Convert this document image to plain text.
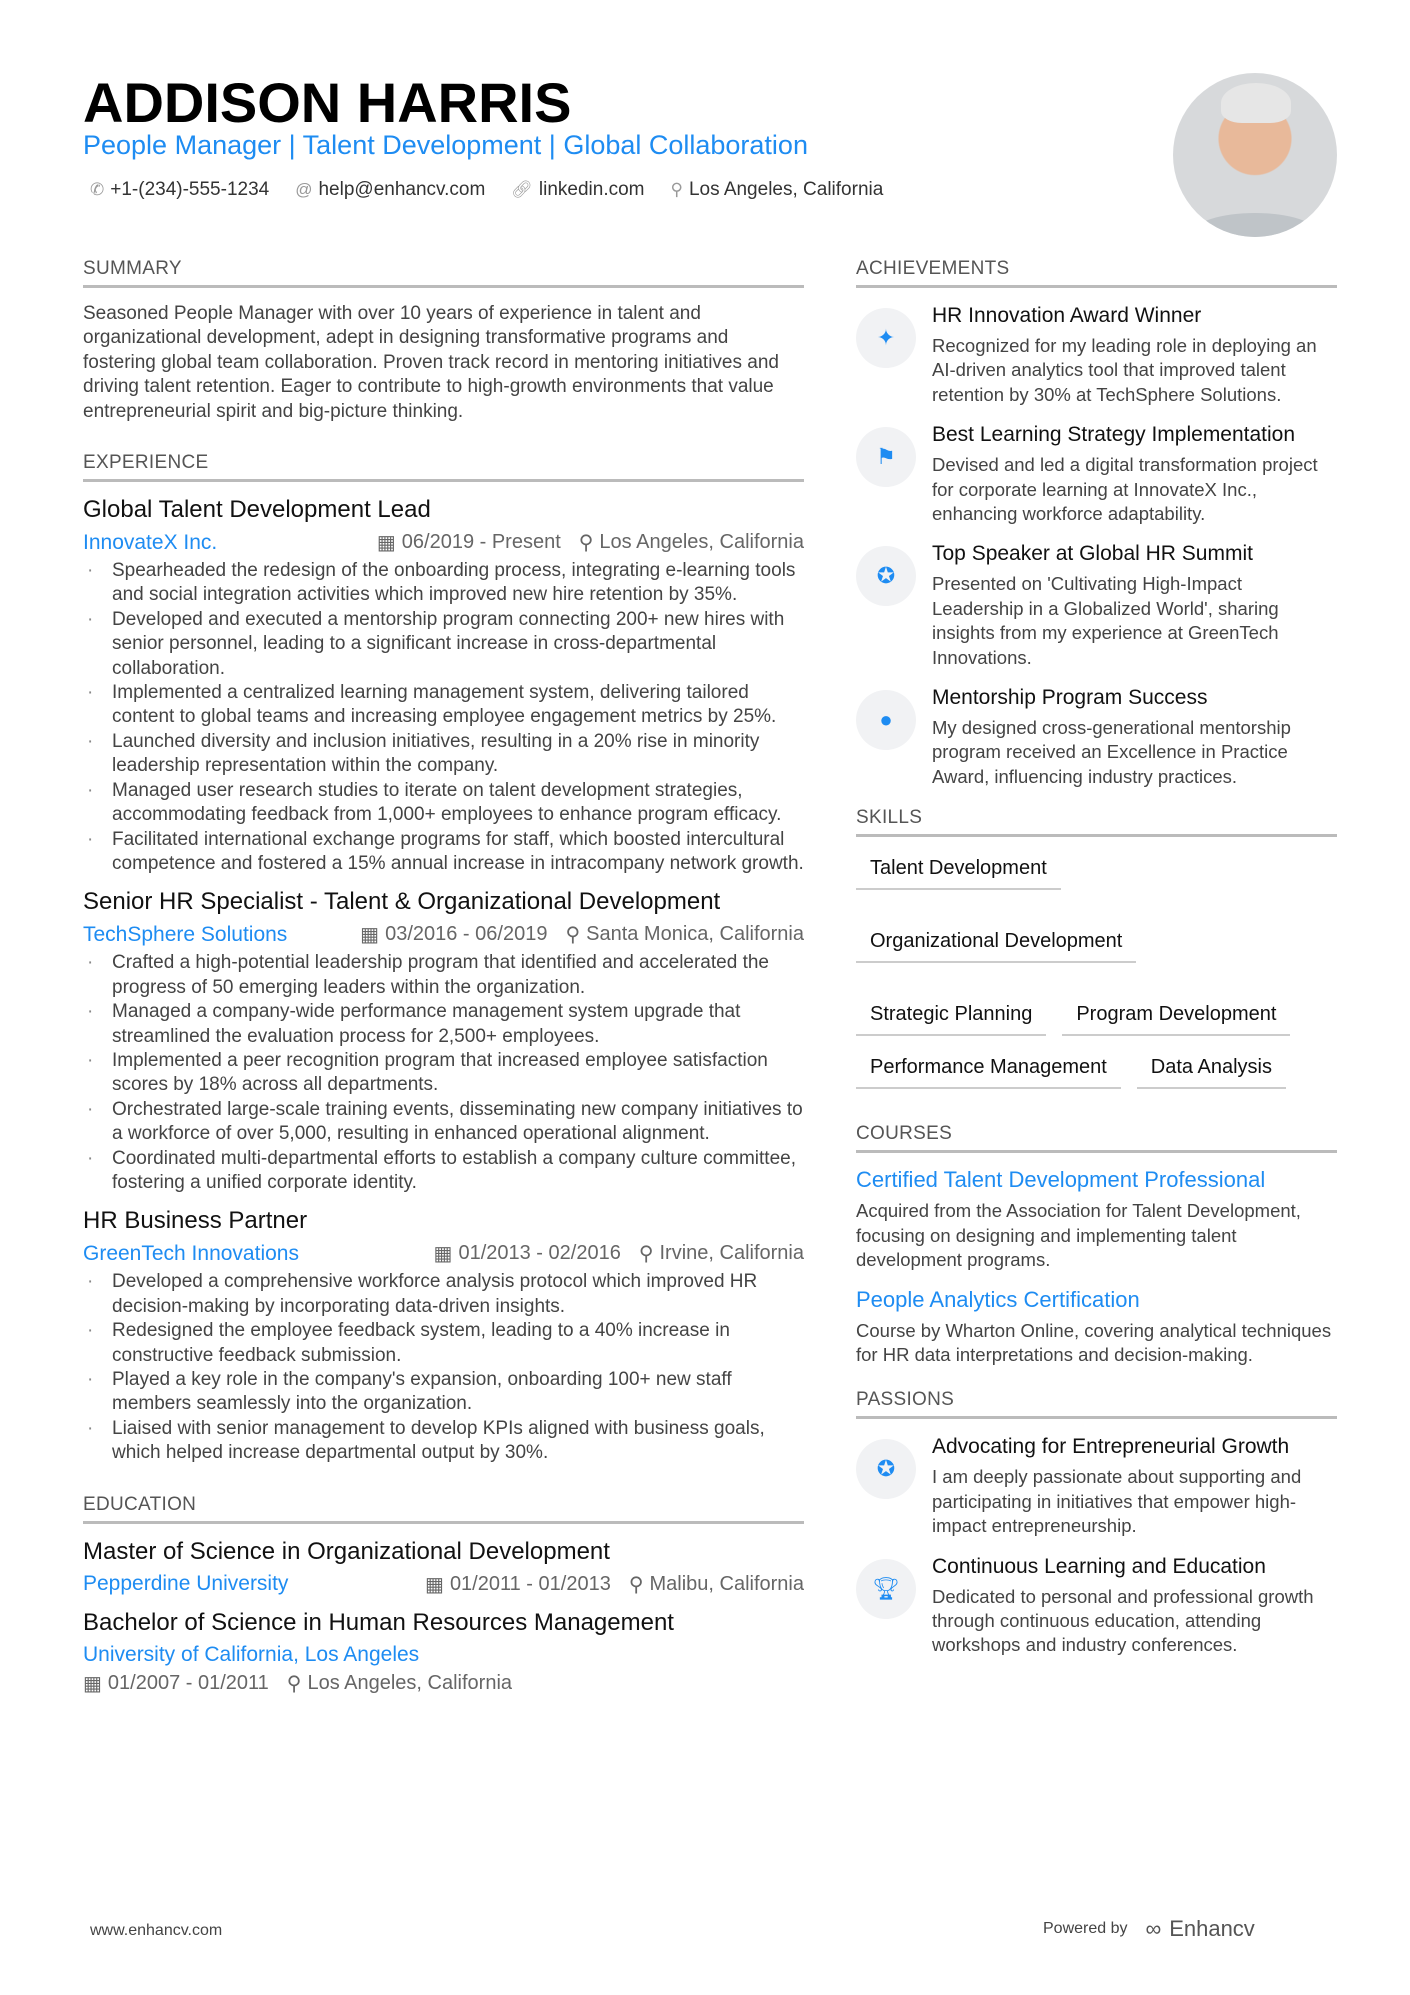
ADDISON HARRIS
People Manager | Talent Development | Global Collaboration
✆ +1-(234)-555-1234 @ help@enhancv.com 🔗︎ linkedin.com ⚲ Los Angeles, California
SUMMARY

Seasoned People Manager with over 10 years of experience in talent and organizational development, adept in designing transformative programs and fostering global team collaboration. Proven track record in mentoring initiatives and driving talent retention. Eager to contribute to high-growth environments that value entrepreneurial spirit and big-picture thinking.

EXPERIENCE
Global Talent Development Lead
InnovateX Inc.	▦ 06/2019 - Present ⚲ Los Angeles, California
· Spearheaded the redesign of the onboarding process, integrating e-learning tools and social integration activities which improved new hire retention by 35%.
· Developed and executed a mentorship program connecting 200+ new hires with senior personnel, leading to a significant increase in cross-departmental collaboration.
· Implemented a centralized learning management system, delivering tailored content to global teams and increasing employee engagement metrics by 25%.
· Launched diversity and inclusion initiatives, resulting in a 20% rise in minority leadership representation within the company.
· Managed user research studies to iterate on talent development strategies, accommodating feedback from 1,000+ employees to enhance program efficacy.
· Facilitated international exchange programs for staff, which boosted intercultural competence and fostered a 15% annual increase in intracompany network growth.
Senior HR Specialist - Talent & Organizational Development
TechSphere Solutions	▦ 03/2016 - 06/2019 ⚲ Santa Monica, California
· Crafted a high-potential leadership program that identified and accelerated the progress of 50 emerging leaders within the organization.
· Managed a company-wide performance management system upgrade that streamlined the evaluation process for 2,500+ employees.
· Implemented a peer recognition program that increased employee satisfaction scores by 18% across all departments.
· Orchestrated large-scale training events, disseminating new company initiatives to a workforce of over 5,000, resulting in enhanced operational alignment.
· Coordinated multi-departmental efforts to establish a company culture committee, fostering a unified corporate identity.
HR Business Partner
GreenTech Innovations	▦ 01/2013 - 02/2016 ⚲ Irvine, California
· Developed a comprehensive workforce analysis protocol which improved HR decision-making by incorporating data-driven insights.
· Redesigned the employee feedback system, leading to a 40% increase in constructive feedback submission.
· Played a key role in the company's expansion, onboarding 100+ new staff members seamlessly into the organization.
· Liaised with senior management to develop KPIs aligned with business goals, which helped increase departmental output by 30%.
EDUCATION
Master of Science in Organizational Development
Pepperdine University	▦ 01/2011 - 01/2013 ⚲ Malibu, California
Bachelor of Science in Human Resources Management
University of California, Los Angeles
▦ 01/2007 - 01/2011 ⚲ Los Angeles, California
ACHIEVEMENTS
✦
HR Innovation Award Winner

Recognized for my leading role in deploying an AI-driven analytics tool that improved talent retention by 30% at TechSphere Solutions.

⚑
Best Learning Strategy Implementation

Devised and led a digital transformation project for corporate learning at InnovateX Inc., enhancing workforce adaptability.

✪
Top Speaker at Global HR Summit

Presented on 'Cultivating High-Impact Leadership in a Globalized World', sharing insights from my experience at GreenTech Innovations.

●
Mentorship Program Success

My designed cross-generational mentorship program received an Excellence in Practice Award, influencing industry practices.

SKILLS
Talent Development
Organizational Development
Strategic Planning	Program Development
Performance Management	Data Analysis
COURSES
Certified Talent Development Professional

Acquired from the Association for Talent Development, focusing on designing and implementing talent development programs.

People Analytics Certification

Course by Wharton Online, covering analytical techniques for HR data interpretations and decision-making.

PASSIONS
✪
Advocating for Entrepreneurial Growth

I am deeply passionate about supporting and participating in initiatives that empower high-impact entrepreneurship.

🏆︎
Continuous Learning and Education

Dedicated to personal and professional growth through continuous education, attending workshops and industry conferences.

www.enhancv.com	Powered by ∞ Enhancv
